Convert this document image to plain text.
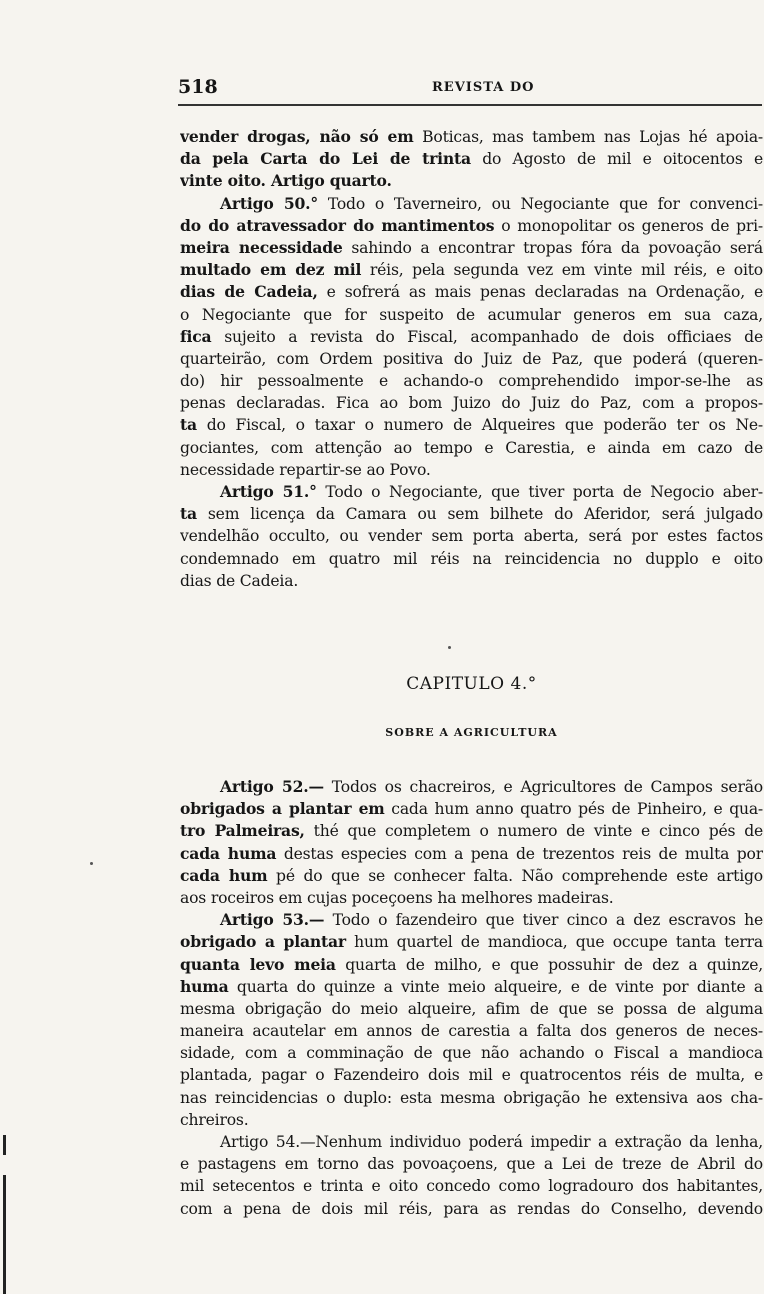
518	REVISTA DO

vender drogas, não só em Boticas, mas tambem nas Lojas hé apoia-

da pela Carta do Lei de trinta do Agosto de mil e oitocentos e

vinte oito. Artigo quarto.

Artigo 50.° Todo o Taverneiro, ou Negociante que for convenci-

do do atravessador do mantimentos o monopolitar os generos de pri-

meira necessidade sahindo a encontrar tropas fóra da povoação será

multado em dez mil réis, pela segunda vez em vinte mil réis, e oito

dias de Cadeia, e sofrerá as mais penas declaradas na Ordenação, e

o Negociante que for suspeito de acumular generos em sua caza,

fica sujeito a revista do Fiscal, acompanhado de dois officiaes de

quarteirão, com Ordem positiva do Juiz de Paz, que poderá (queren-

do) hir pessoalmente e achando-o comprehendido impor-se-lhe as

penas declaradas. Fica ao bom Juizo do Juiz do Paz, com a propos-

ta do Fiscal, o taxar o numero de Alqueires que poderão ter os Ne-

gociantes, com attenção ao tempo e Carestia, e ainda em cazo de

necessidade repartir-se ao Povo.

Artigo 51.° Todo o Negociante, que tiver porta de Negocio aber-

ta sem licença da Camara ou sem bilhete do Aferidor, será julgado

vendelhão occulto, ou vender sem porta aberta, será por estes factos

condemnado em quatro mil réis na reincidencia no dupplo e oito

dias de Cadeia.

CAPITULO 4.°
SOBRE A AGRICULTURA

Artigo 52.— Todos os chacreiros, e Agricultores de Campos serão

obrigados a plantar em cada hum anno quatro pés de Pinheiro, e qua-

tro Palmeiras, thé que completem o numero de vinte e cinco pés de

cada huma destas especies com a pena de trezentos reis de multa por

cada hum pé do que se conhecer falta. Não comprehende este artigo

aos roceiros em cujas poceçoens ha melhores madeiras.

Artigo 53.— Todo o fazendeiro que tiver cinco a dez escravos he

obrigado a plantar hum quartel de mandioca, que occupe tanta terra

quanta levo meia quarta de milho, e que possuhir de dez a quinze,

huma quarta do quinze a vinte meio alqueire, e de vinte por diante a

mesma obrigação do meio alqueire, afim de que se possa de alguma

maneira acautelar em annos de carestia a falta dos generos de neces-

sidade, com a comminação de que não achando o Fiscal a mandioca

plantada, pagar o Fazendeiro dois mil e quatrocentos réis de multa, e

nas reincidencias o duplo: esta mesma obrigação he extensiva aos cha-

chreiros.

Artigo 54.—Nenhum individuo poderá impedir a extração da lenha,

e pastagens em torno das povoaçoens, que a Lei de treze de Abril do

mil setecentos e trinta e oito concedo como logradouro dos habitantes,

com a pena de dois mil réis, para as rendas do Conselho, devendo
